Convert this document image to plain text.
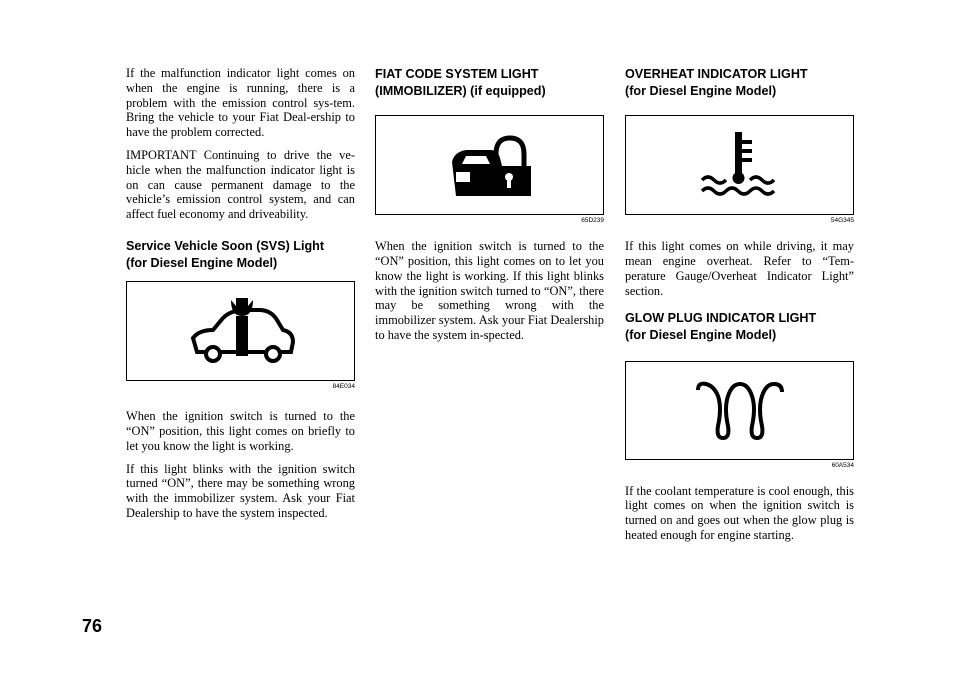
If the malfunction indicator light comes on when the engine is running, there is a problem with the emission control sys-tem. Bring the vehicle to your Fiat Deal-ership to have the problem corrected.

IMPORTANT Continuing to drive the ve-hicle when the malfunction indicator light is on can cause permanent damage to the vehicle’s emission control system, and can affect fuel economy and driveability.

Service Vehicle Soon (SVS) Light
(for Diesel Engine Model)
84E034

When the ignition switch is turned to the “ON” position, this light comes on briefly to let you know the light is working.

If this light blinks with the ignition switch turned “ON”, there may be something wrong with the immobilizer system. Ask your Fiat Dealership to have the system inspected.

FIAT CODE SYSTEM LIGHT
(IMMOBILIZER) (if equipped)
65D239

When the ignition switch is turned to the “ON” position, this light comes on to let you know the light is working. If this light blinks with the ignition switch turned to “ON”, there may be something wrong with the immobilizer system. Ask your Fiat Dealership to have the system in-spected.

OVERHEAT INDICATOR LIGHT
(for Diesel Engine Model)
54G345

If this light comes on while driving, it may mean engine overheat. Refer to “Tem-perature Gauge/Overheat Indicator Light” section.

GLOW PLUG INDICATOR LIGHT
(for Diesel Engine Model)
60A534

If the coolant temperature is cool enough, this light comes on when the ignition switch is turned on and goes out when the glow plug is heated enough for engine starting.

76
